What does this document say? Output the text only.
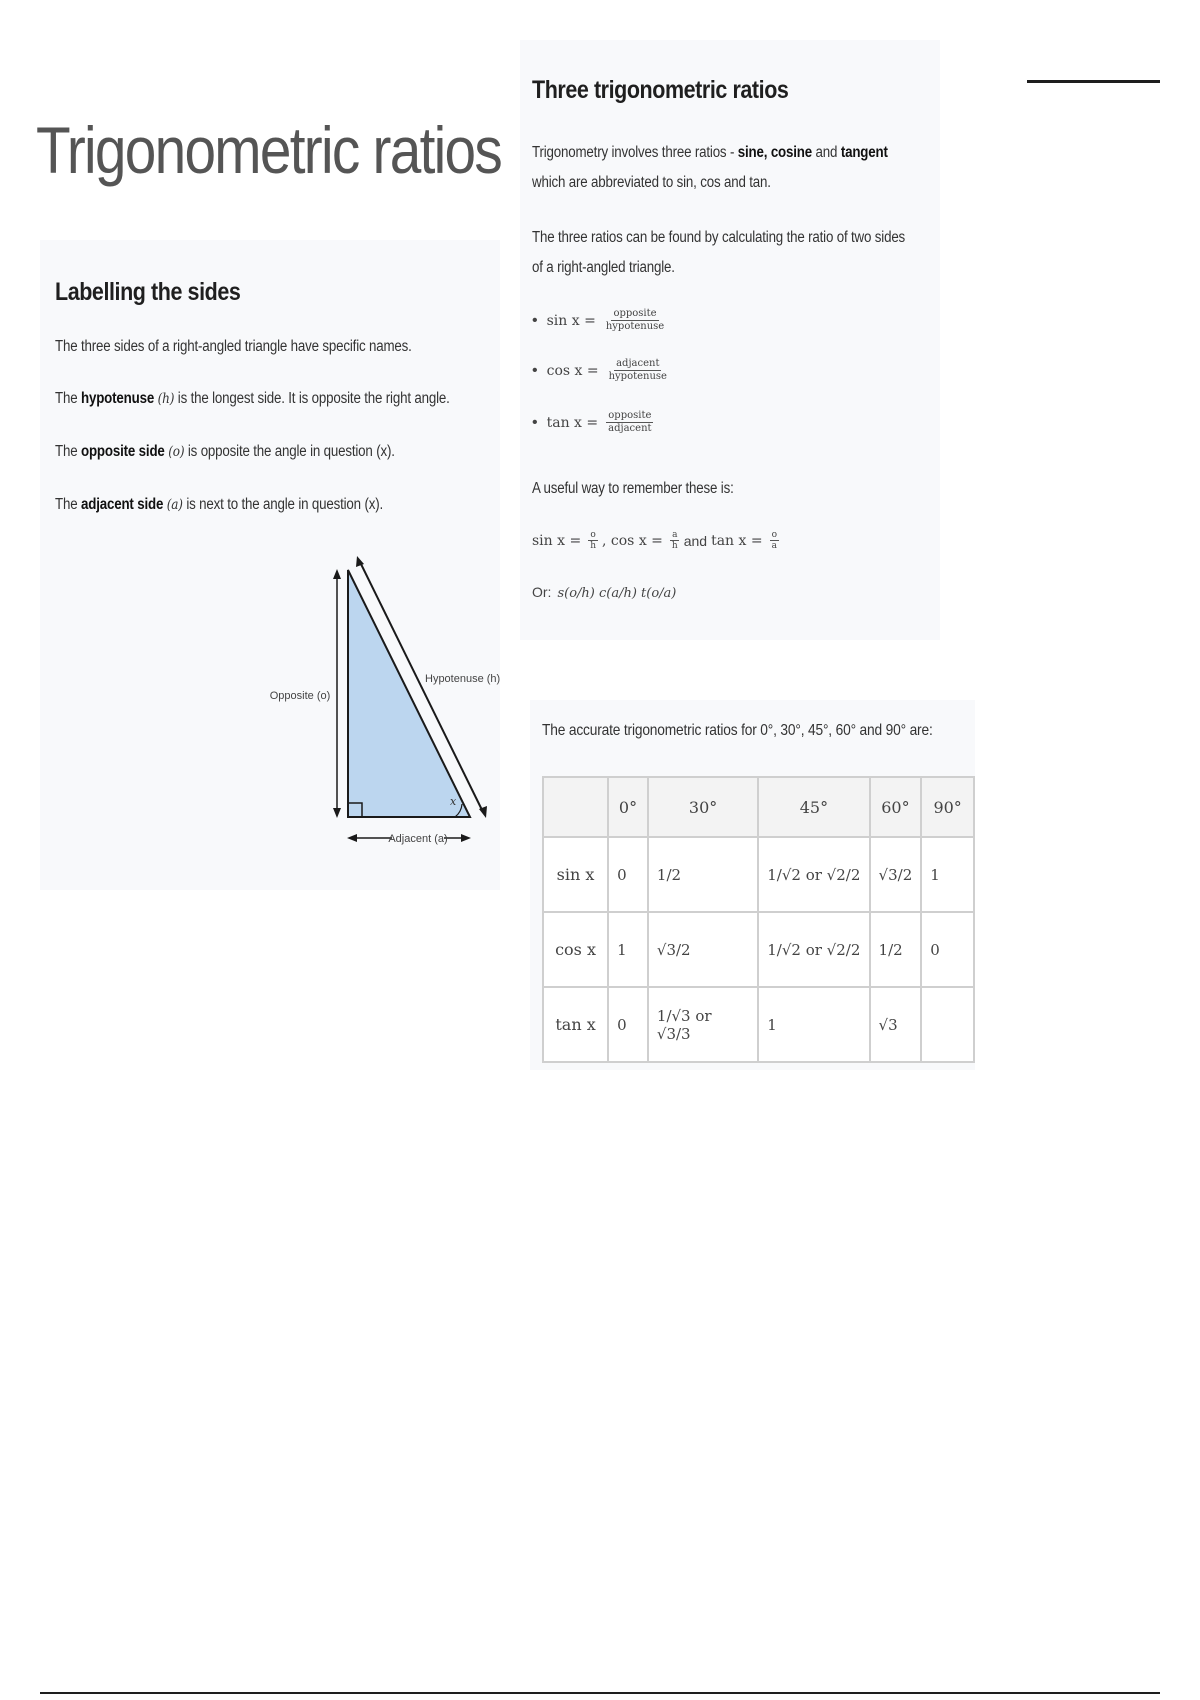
Trigonometric ratios
Labelling the sides

The three sides of a right-angled triangle have specific names.

The hypotenuse (h) is the longest side. It is opposite the right angle.

The opposite side (o) is opposite the angle in question (x).

The adjacent side (a) is next to the angle in question (x).

x
Opposite (o)
Hypotenuse (h)
Adjacent (a)
Three trigonometric ratios

Trigonometry involves three ratios - sine, cosine and tangent which are abbreviated to sin, cos and tan.

The three ratios can be found by calculating the ratio of two sides of a right-angled triangle.

• $\sin x = \frac{\text{opposite}}{\text{hypotenuse}}$
• $\cos x = \frac{\text{adjacent}}{\text{hypotenuse}}$
• $\tan x = \frac{\text{opposite}}{\text{adjacent}}$

A useful way to remember these is:

$\sin x = \frac{o}{h}$ , $\cos x = \frac{a}{h}$ and $\tan x = \frac{o}{a}$
Or: s(o/h) c(a/h) t(o/a)

The accurate trigonometric ratios for 0°, 30°, 45°, 60° and 90° are:

	0°	30°	45°	60°	90°
sin x	0	1/2	1/√2 or √2/2	√3/2	1
cos x	1	√3/2	1/√2 or √2/2	1/2	0
tan x	0	1/√3 or √3/3	1	√3	
